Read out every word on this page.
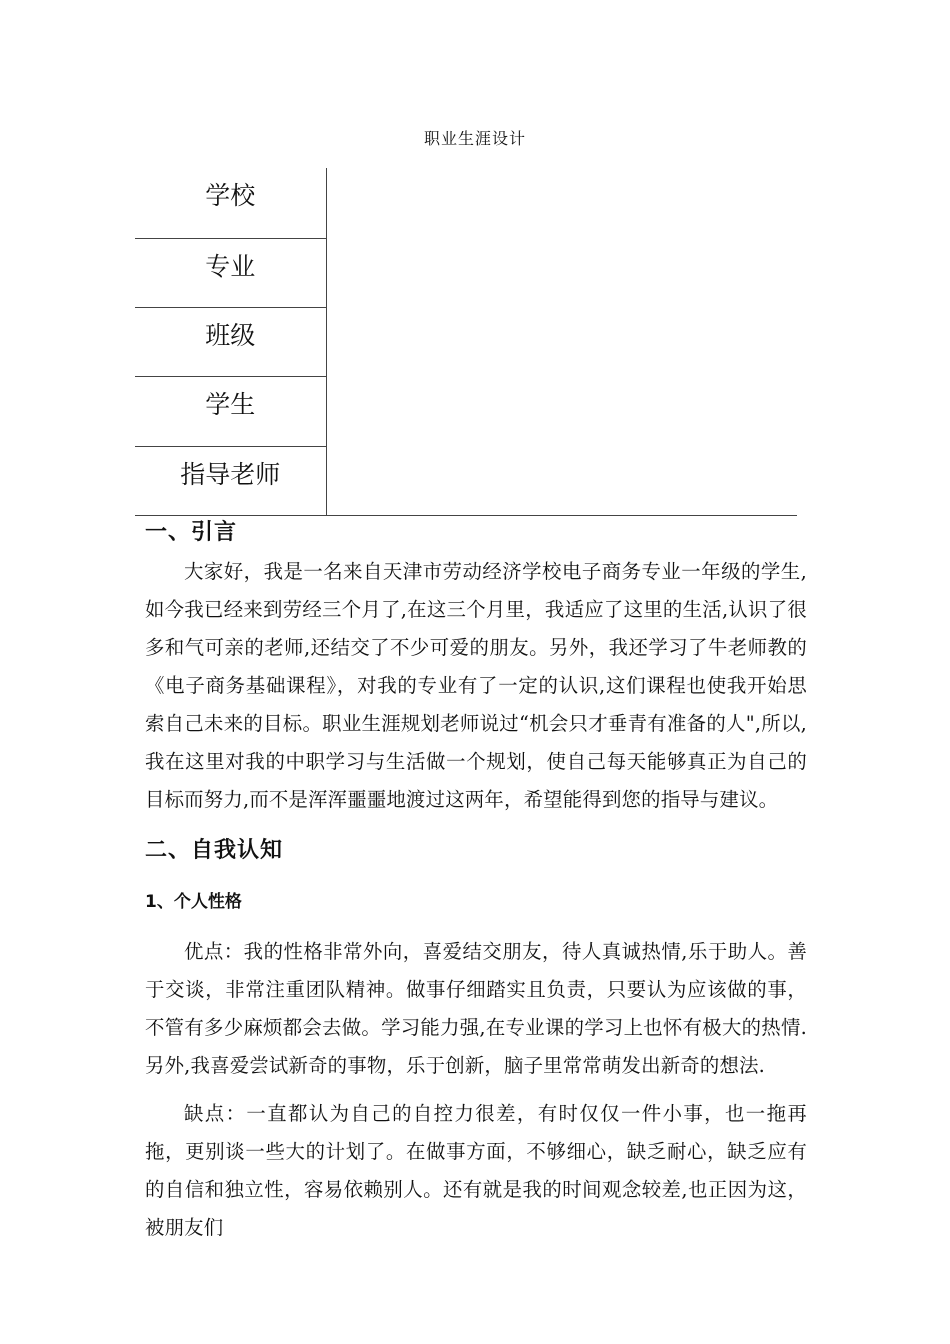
职业生涯设计
学校	
专业	
班级	
学生	
指导老师	
一、引言

大家好，我是一名来自天津市劳动经济学校电子商务专业一年级的学生,如今我已经来到劳经三个月了,在这三个月里，我适应了这里的生活,认识了很多和气可亲的老师,还结交了不少可爱的朋友。另外，我还学习了牛老师教的《电子商务基础课程》，对我的专业有了一定的认识,这们课程也使我开始思索自己未来的目标。职业生涯规划老师说过“机会只才垂青有准备的人",所以,我在这里对我的中职学习与生活做一个规划，使自己每天能够真正为自己的目标而努力,而不是浑浑噩噩地渡过这两年，希望能得到您的指导与建议。

二、自我认知
1、个人性格

优点：我的性格非常外向，喜爱结交朋友，待人真诚热情,乐于助人。善于交谈，非常注重团队精神。做事仔细踏实且负责，只要认为应该做的事，不管有多少麻烦都会去做。学习能力强,在专业课的学习上也怀有极大的热情.另外,我喜爱尝试新奇的事物，乐于创新，脑子里常常萌发出新奇的想法.

缺点：一直都认为自己的自控力很差，有时仅仅一件小事，也一拖再拖，更别谈一些大的计划了。在做事方面，不够细心，缺乏耐心，缺乏应有的自信和独立性，容易依赖别人。还有就是我的时间观念较差,也正因为这，被朋友们
